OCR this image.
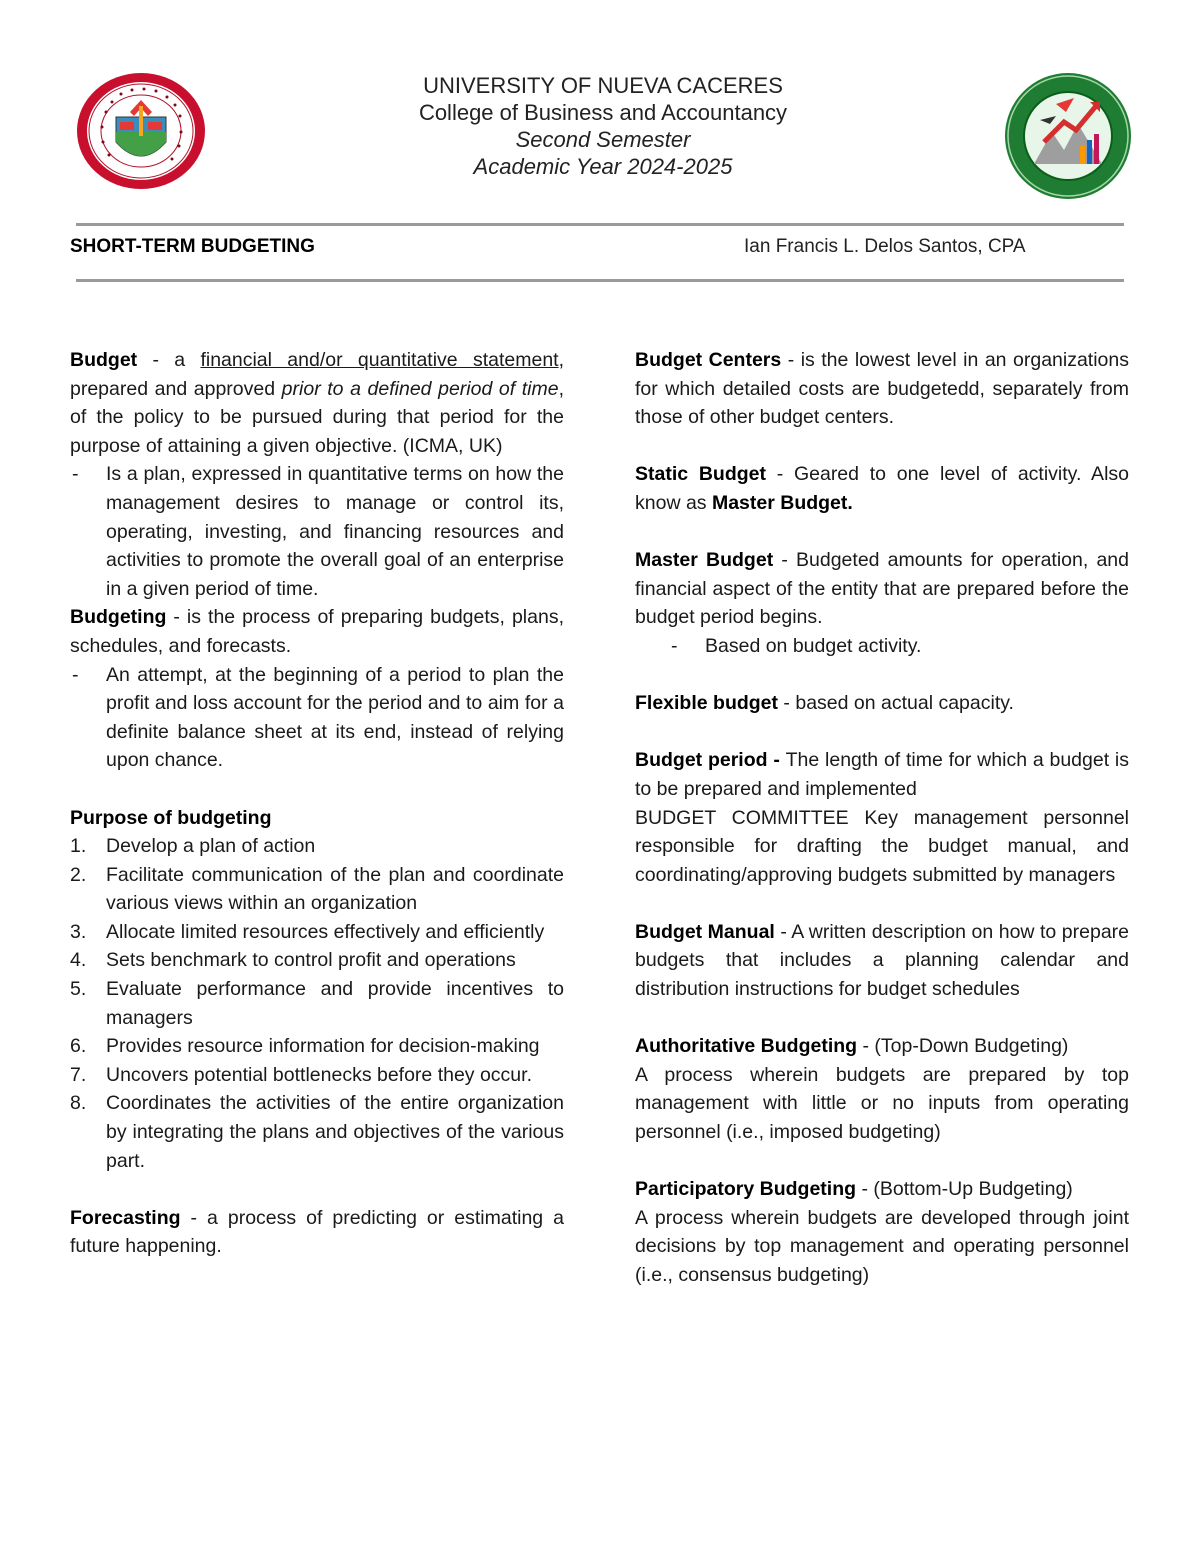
UNIVERSITY OF NUEVA CACERES
College of Business and Accountancy
Second Semester
Academic Year 2024-2025
SHORT-TERM BUDGETING	Ian Francis L. Delos Santos, CPA

Budget - a financial and/or quantitative statement, prepared and approved prior to a defined period of time, of the policy to be pursued during that period for the purpose of attaining a given objective. (ICMA, UK)

- Is a plan, expressed in quantitative terms on how the management desires to manage or control its, operating, investing, and financing resources and activities to promote the overall goal of an enterprise in a given period of time.

Budgeting - is the process of preparing budgets, plans, schedules, and forecasts.

- An attempt, at the beginning of a period to plan the profit and loss account for the period and to aim for a definite balance sheet at its end, instead of relying upon chance.

Purpose of budgeting

1. Develop a plan of action
2. Facilitate communication of the plan and coordinate various views within an organization
3. Allocate limited resources effectively and efficiently
4. Sets benchmark to control profit and operations
5. Evaluate performance and provide incentives to managers
6. Provides resource information for decision-making
7. Uncovers potential bottlenecks before they occur.
8. Coordinates the activities of the entire organization by integrating the plans and objectives of the various part.

Forecasting - a process of predicting or estimating a future happening.

Budget Centers - is the lowest level in an organizations for which detailed costs are budgetedd, separately from those of other budget centers.

Static Budget - Geared to one level of activity. Also know as Master Budget.

Master Budget - Budgeted amounts for operation, and financial aspect of the entity that are prepared before the budget period begins.

- Based on budget activity.

Flexible budget - based on actual capacity.

Budget period - The length of time for which a budget is to be prepared and implemented

BUDGET COMMITTEE Key management personnel responsible for drafting the budget manual, and coordinating/approving budgets submitted by managers

Budget Manual - A written description on how to prepare budgets that includes a planning calendar and distribution instructions for budget schedules

Authoritative Budgeting - (Top-Down Budgeting)

A process wherein budgets are prepared by top management with little or no inputs from operating personnel (i.e., imposed budgeting)

Participatory Budgeting - (Bottom-Up Budgeting)

A process wherein budgets are developed through joint decisions by top management and operating personnel (i.e., consensus budgeting)
